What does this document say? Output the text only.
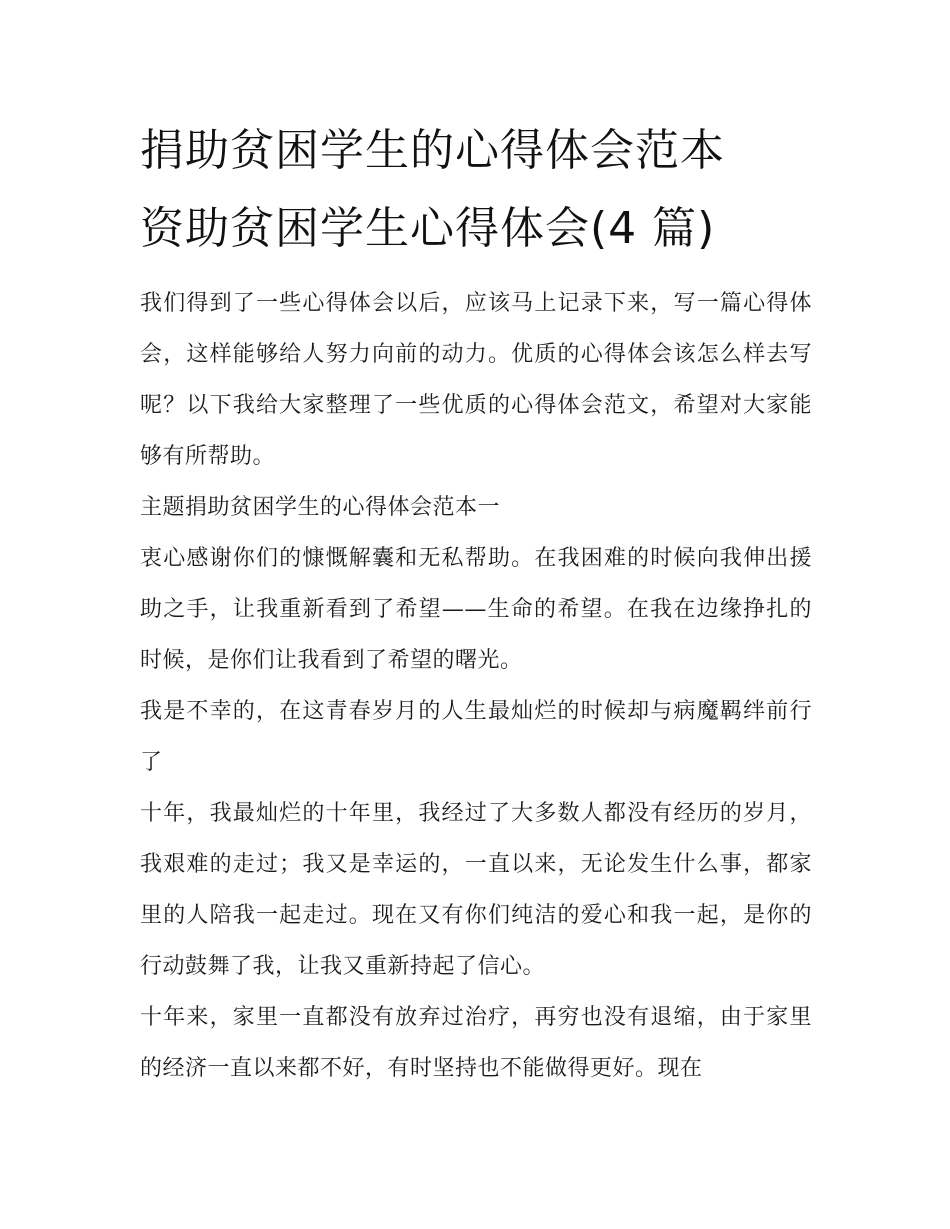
捐助贫困学生的心得体会范本
资助贫困学生心得体会(4 篇)

我们得到了一些心得体会以后，应该马上记录下来，写一篇心得体会，这样能够给人努力向前的动力。优质的心得体会该怎么样去写呢？以下我给大家整理了一些优质的心得体会范文，希望对大家能够有所帮助。

主题捐助贫困学生的心得体会范本一

衷心感谢你们的慷慨解囊和无私帮助。在我困难的时候向我伸出援助之手，让我重新看到了希望——生命的希望。在我在边缘挣扎的时候，是你们让我看到了希望的曙光。

我是不幸的，在这青春岁月的人生最灿烂的时候却与病魔羁绊前行了

十年，我最灿烂的十年里，我经过了大多数人都没有经历的岁月，我艰难的走过；我又是幸运的，一直以来，无论发生什么事，都家里的人陪我一起走过。现在又有你们纯洁的爱心和我一起，是你的行动鼓舞了我，让我又重新持起了信心。

十年来，家里一直都没有放弃过治疗，再穷也没有退缩，由于家里的经济一直以来都不好，有时坚持也不能做得更好。现在
